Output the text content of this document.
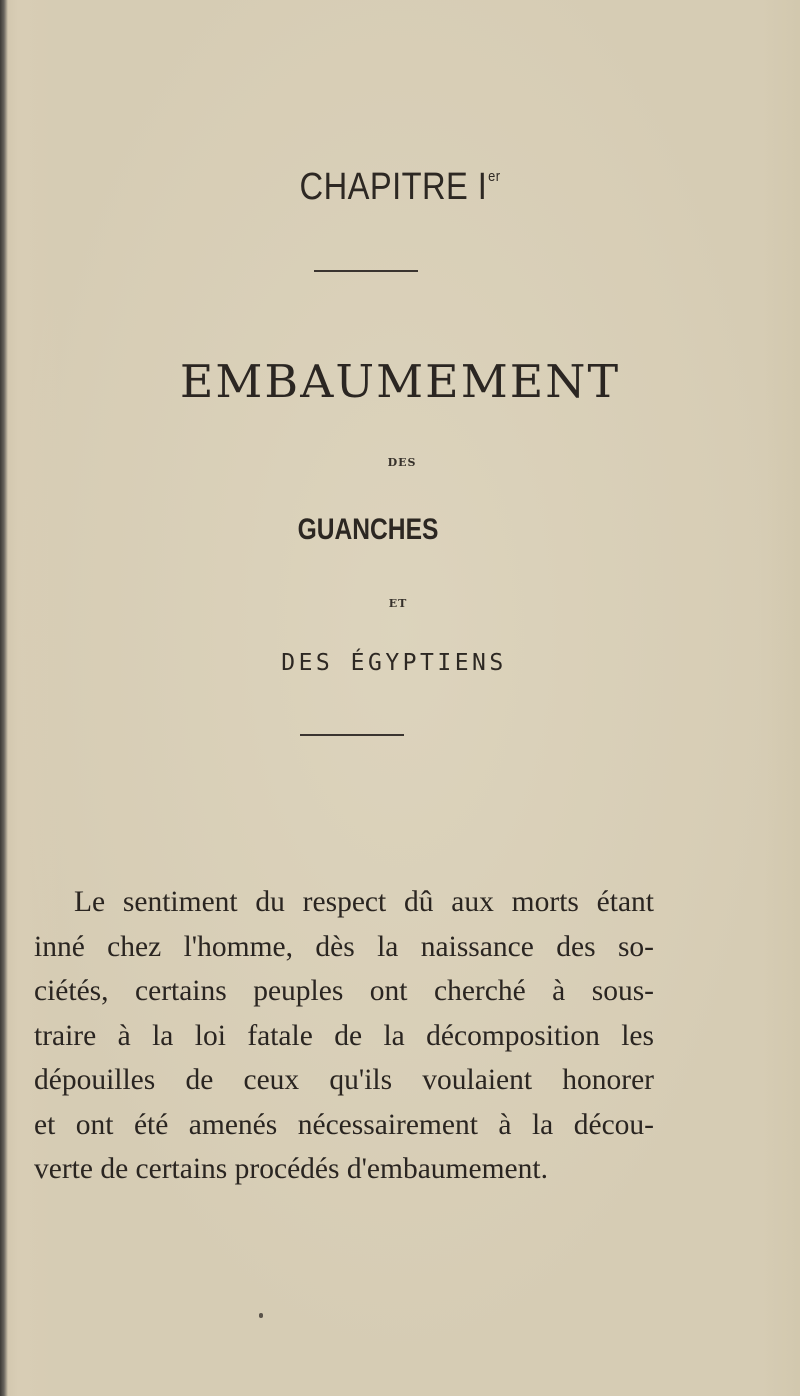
CHAPITRE Ier
EMBAUMEMENT
DES
GUANCHES
ET
DES ÉGYPTIENS
Le sentiment du respect dû aux morts étant
inné chez l'homme, dès la naissance des so-
ciétés, certains peuples ont cherché à sous-
traire à la loi fatale de la décomposition les
dépouilles de ceux qu'ils voulaient honorer
et ont été amenés nécessairement à la décou-
verte de certains procédés d'embaumement.
